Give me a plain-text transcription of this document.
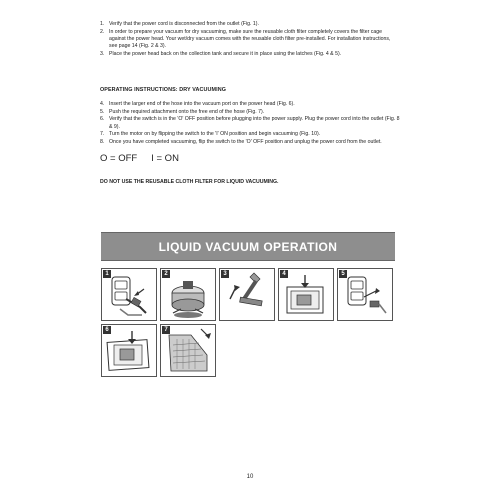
1. Verify that the power cord is disconnected from the outlet (Fig. 1).
2. In order to prepare your vacuum for dry vacuuming, make sure the reusable cloth filter completely covers the filter cage against the power head. Your wet/dry vacuum comes with the reusable cloth filter pre-installed. For installation instructions, see page 14 (Fig. 2 & 3).
3. Place the power head back on the collection tank and secure it in place using the latches (Fig. 4 & 5).
OPERATING INSTRUCTIONS: DRY VACUUMING
4. Insert the larger end of the hose into the vacuum port on the power head (Fig. 6).
5. Push the required attachment onto the free end of the hose (Fig. 7).
6. Verify that the switch is in the 'O' OFF position before plugging into the power supply. Plug the power cord into the outlet (Fig. 8 & 9).
7. Turn the motor on by flipping the switch to the 'I' ON position and begin vacuuming (Fig. 10).
8. Once you have completed vacuuming, flip the switch to the 'O' OFF position and unplug the power cord from the outlet.
O = OFF I = ON
DO NOT USE THE REUSABLE CLOTH FILTER FOR LIQUID VACUUMING.
LIQUID VACUUM OPERATION
1	2	3	4	5
6	7
10
